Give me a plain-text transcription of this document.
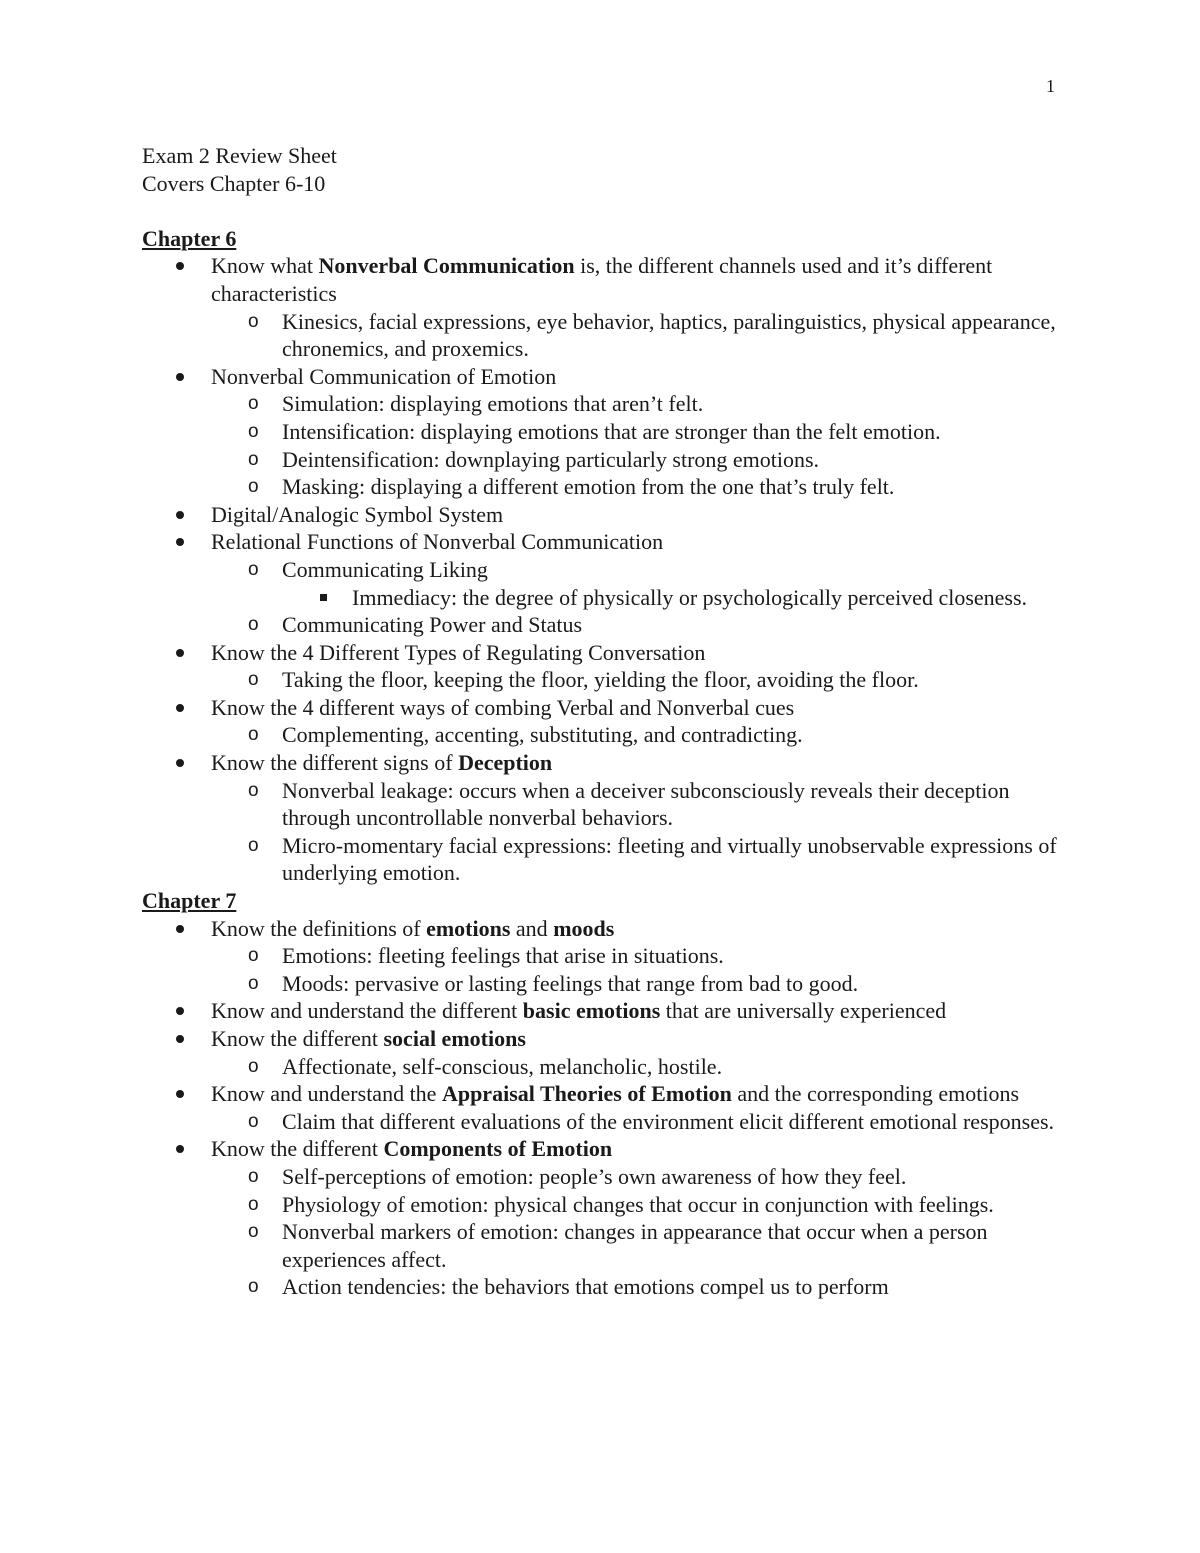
1

Exam 2 Review Sheet

Covers Chapter 6-10

Chapter 6

Know what Nonverbal Communication is, the different channels used and it’s different characteristics
o Kinesics, facial expressions, eye behavior, haptics, paralinguistics, physical appearance, chronemics, and proxemics.
Nonverbal Communication of Emotion
o Simulation: displaying emotions that aren’t felt.
o Intensification: displaying emotions that are stronger than the felt emotion.
o Deintensification: downplaying particularly strong emotions.
o Masking: displaying a different emotion from the one that’s truly felt.
Digital/Analogic Symbol System
Relational Functions of Nonverbal Communication
o Communicating Liking
Immediacy: the degree of physically or psychologically perceived closeness.
o Communicating Power and Status
Know the 4 Different Types of Regulating Conversation
o Taking the floor, keeping the floor, yielding the floor, avoiding the floor.
Know the 4 different ways of combing Verbal and Nonverbal cues
o Complementing, accenting, substituting, and contradicting.
Know the different signs of Deception
o Nonverbal leakage: occurs when a deceiver subconsciously reveals their deception through uncontrollable nonverbal behaviors.
o Micro-momentary facial expressions: fleeting and virtually unobservable expressions of underlying emotion.

Chapter 7

Know the definitions of emotions and moods
o Emotions: fleeting feelings that arise in situations.
o Moods: pervasive or lasting feelings that range from bad to good.
Know and understand the different basic emotions that are universally experienced
Know the different social emotions
o Affectionate, self-conscious, melancholic, hostile.
Know and understand the Appraisal Theories of Emotion and the corresponding emotions
o Claim that different evaluations of the environment elicit different emotional responses.
Know the different Components of Emotion
o Self-perceptions of emotion: people’s own awareness of how they feel.
o Physiology of emotion: physical changes that occur in conjunction with feelings.
o Nonverbal markers of emotion: changes in appearance that occur when a person experiences affect.
o Action tendencies: the behaviors that emotions compel us to perform
